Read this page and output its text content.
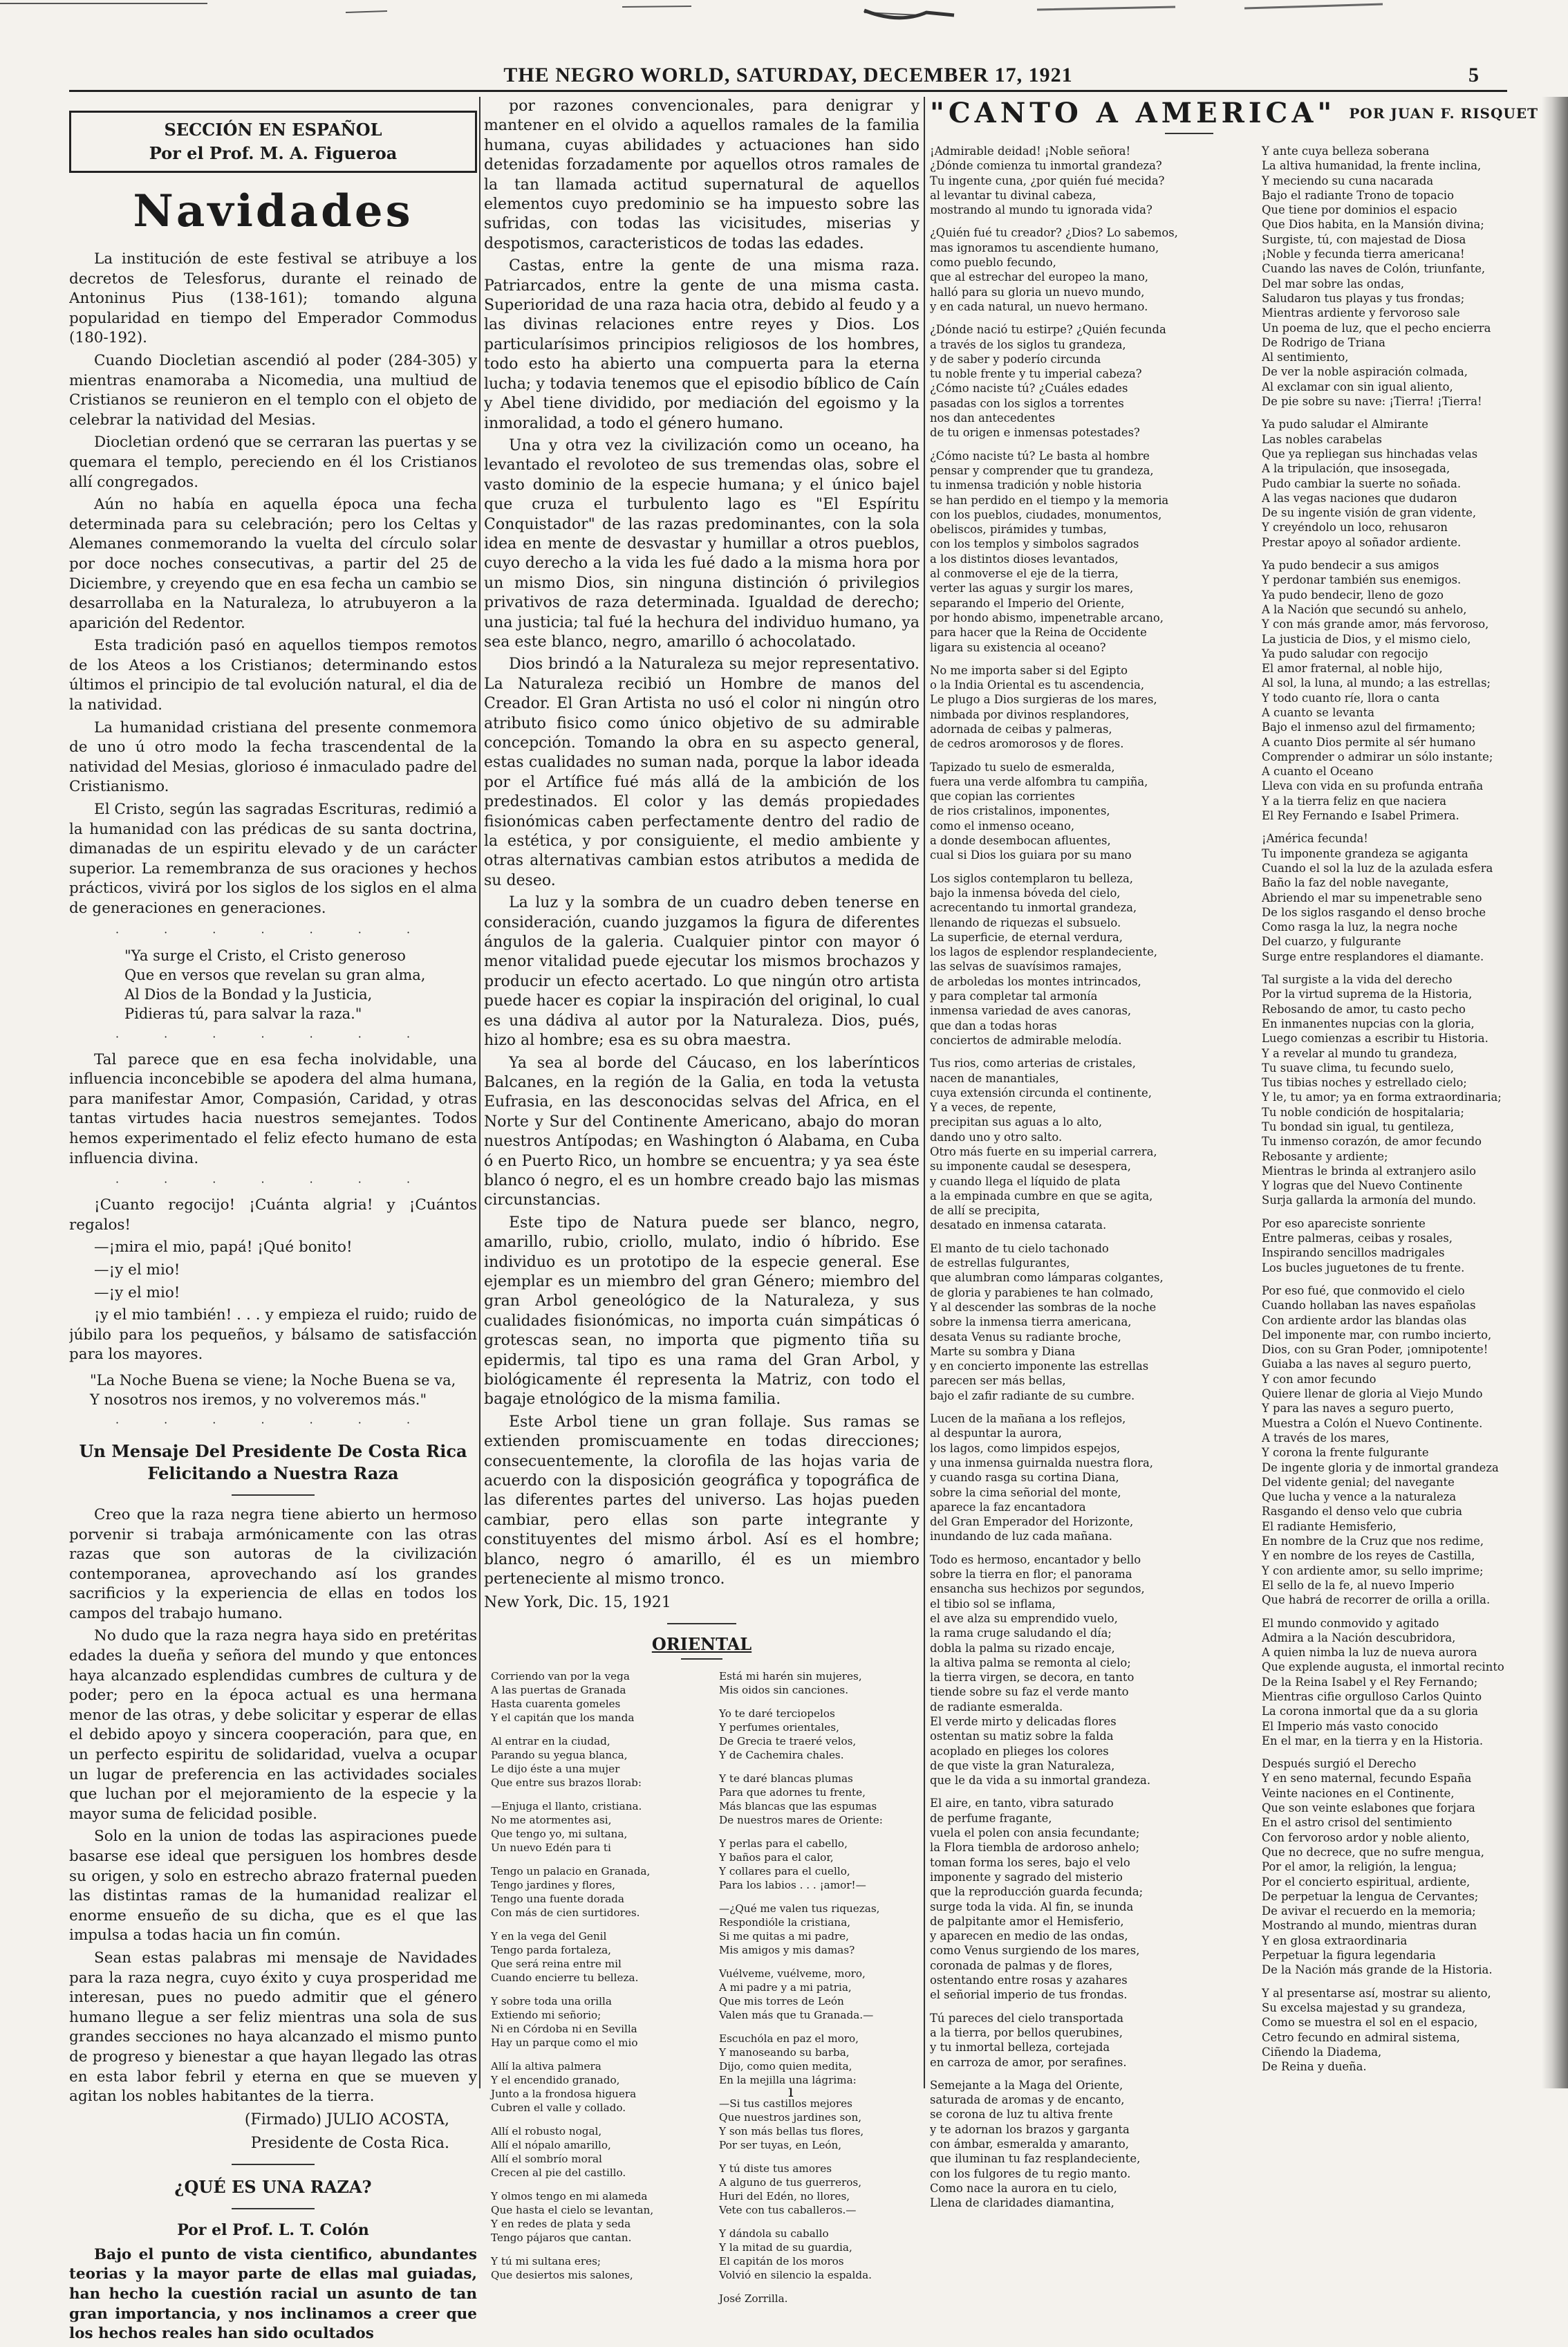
THE NEGRO WORLD, SATURDAY, DECEMBER 17, 1921	5
SECCIÓN EN ESPAÑOL
Por el Prof. M. A. Figueroa
Navidades

La institución de este festival se atribuye a los decretos de Telesforus, durante el reinado de Antoninus Pius (138-161); tomando alguna popularidad en tiempo del Emperador Commodus (180-192).

Cuando Diocletian ascendió al poder (284-305) y mientras enamoraba a Nicomedia, una multiud de Cristianos se reunieron en el templo con el objeto de celebrar la natividad del Mesias.

Diocletian ordenó que se cerraran las puertas y se quemara el templo, pereciendo en él los Cristianos allí congregados.

Aún no había en aquella época una fecha determinada para su celebración; pero los Celtas y Alemanes conmemorando la vuelta del círculo solar por doce noches consecutivas, a partir del 25 de Diciembre, y creyendo que en esa fecha un cambio se desarrollaba en la Naturaleza, lo atrubuyeron a la aparición del Redentor.

Esta tradición pasó en aquellos tiempos remotos de los Ateos a los Cristianos; determinando estos últimos el principio de tal evolución natural, el dia de la natividad.

La humanidad cristiana del presente conmemora de uno ú otro modo la fecha trascendental de la natividad del Mesias, glorioso é inmaculado padre del Cristianismo.

El Cristo, según las sagradas Escrituras, redimió a la humanidad con las prédicas de su santa doctrina, dimanadas de un espiritu elevado y de un carácter superior. La remembranza de sus oraciones y hechos prácticos, vivirá por los siglos de los siglos en el alma de generaciones en generaciones.

· · · · · · ·
"Ya surge el Cristo, el Cristo generoso
Que en versos que revelan su gran alma,
Al Dios de la Bondad y la Justicia,
Pidieras tú, para salvar la raza."
· · · · · · ·

Tal parece que en esa fecha inolvidable, una influencia inconcebible se apodera del alma humana, para manifestar Amor, Compasión, Caridad, y otras tantas virtudes hacia nuestros semejantes. Todos hemos experimentado el feliz efecto humano de esta influencia divina.

· · · · · · ·

¡Cuanto regocijo! ¡Cuánta algria! y ¡Cuántos regalos!

—¡mira el mio, papá! ¡Qué bonito!

—¡y el mio!

—¡y el mio!

¡y el mio también! . . . y empieza el ruido; ruido de júbilo para los pequeños, y bálsamo de satisfacción para los mayores.

"La Noche Buena se viene; la Noche Buena se va,
Y nosotros nos iremos, y no volveremos más."
· · · · · · ·
Un Mensaje Del Presidente De Costa Rica Felicitando a Nuestra Raza

Creo que la raza negra tiene abierto un hermoso porvenir si trabaja armónicamente con las otras razas que son autoras de la civilización contemporanea, aprovechando así los grandes sacrificios y la experiencia de ellas en todos los campos del trabajo humano.

No dudo que la raza negra haya sido en pretéritas edades la dueña y señora del mundo y que entonces haya alcanzado esplendidas cumbres de cultura y de poder; pero en la época actual es una hermana menor de las otras, y debe solicitar y esperar de ellas el debido apoyo y sincera cooperación, para que, en un perfecto espiritu de solidaridad, vuelva a ocupar un lugar de preferencia en las actividades sociales que luchan por el mejoramiento de la especie y la mayor suma de felicidad posible.

Solo en la union de todas las aspiraciones puede basarse ese ideal que persiguen los hombres desde su origen, y solo en estrecho abrazo fraternal pueden las distintas ramas de la humanidad realizar el enorme ensueño de su dicha, que es el que las impulsa a todas hacia un fin común.

Sean estas palabras mi mensaje de Navidades para la raza negra, cuyo éxito y cuya prosperidad me interesan, pues no puedo admitir que el género humano llegue a ser feliz mientras una sola de sus grandes secciones no haya alcanzado el mismo punto de progreso y bienestar a que hayan llegado las otras en esta labor febril y eterna en que se mueven y agitan los nobles habitantes de la tierra.

(Firmado) JULIO ACOSTA,

Presidente de Costa Rica.
¿QUÉ ES UNA RAZA?
Por el Prof. L. T. Colón

Bajo el punto de vista cientifico, abundantes teorias y la mayor parte de ellas mal guiadas, han hecho la cuestión racial un asunto de tan gran importancia, y nos inclinamos a creer que los hechos reales han sido ocultados

por razones convencionales, para denigrar y mantener en el olvido a aquellos ramales de la familia humana, cuyas abilidades y actuaciones han sido detenidas forzadamente por aquellos otros ramales de la tan llamada actitud supernatural de aquellos elementos cuyo predominio se ha impuesto sobre las sufridas, con todas las vicisitudes, miserias y despotismos, caracteristicos de todas las edades.

Castas, entre la gente de una misma raza. Patriarcados, entre la gente de una misma casta. Superioridad de una raza hacia otra, debido al feudo y a las divinas relaciones entre reyes y Dios. Los particularísimos principios religiosos de los hombres, todo esto ha abierto una compuerta para la eterna lucha; y todavia tenemos que el episodio bíblico de Caín y Abel tiene dividido, por mediación del egoismo y la inmoralidad, a todo el género humano.

Una y otra vez la civilización como un oceano, ha levantado el revoloteo de sus tremendas olas, sobre el vasto dominio de la especie humana; y el único bajel que cruza el turbulento lago es "El Espíritu Conquistador" de las razas predominantes, con la sola idea en mente de desvastar y humillar a otros pueblos, cuyo derecho a la vida les fué dado a la misma hora por un mismo Dios, sin ninguna distinción ó privilegios privativos de raza determinada. Igualdad de derecho; una justicia; tal fué la hechura del individuo humano, ya sea este blanco, negro, amarillo ó achocolatado.

Dios brindó a la Naturaleza su mejor representativo. La Naturaleza recibió un Hombre de manos del Creador. El Gran Artista no usó el color ni ningún otro atributo fisico como único objetivo de su admirable concepción. Tomando la obra en su aspecto general, estas cualidades no suman nada, porque la labor ideada por el Artífice fué más allá de la ambición de los predestinados. El color y las demás propiedades fisionómicas caben perfectamente dentro del radio de la estética, y por consiguiente, el medio ambiente y otras alternativas cambian estos atributos a medida de su deseo.

La luz y la sombra de un cuadro deben tenerse en consideración, cuando juzgamos la figura de diferentes ángulos de la galeria. Cualquier pintor con mayor ó menor vitalidad puede ejecutar los mismos brochazos y producir un efecto acertado. Lo que ningún otro artista puede hacer es copiar la inspiración del original, lo cual es una dádiva al autor por la Naturaleza. Dios, pués, hizo al hombre; esa es su obra maestra.

Ya sea al borde del Cáucaso, en los laberínticos Balcanes, en la región de la Galia, en toda la vetusta Eufrasia, en las desconocidas selvas del Africa, en el Norte y Sur del Continente Americano, abajo do moran nuestros Antípodas; en Washington ó Alabama, en Cuba ó en Puerto Rico, un hombre se encuentra; y ya sea éste blanco ó negro, el es un hombre creado bajo las mismas circunstancias.

Este tipo de Natura puede ser blanco, negro, amarillo, rubio, criollo, mulato, indio ó híbrido. Ese individuo es un prototipo de la especie general. Ese ejemplar es un miembro del gran Género; miembro del gran Arbol geneológico de la Naturaleza, y sus cualidades fisionómicas, no importa cuán simpáticas ó grotescas sean, no importa que pigmento tiña su epidermis, tal tipo es una rama del Gran Arbol, y biológicamente él representa la Matriz, con todo el bagaje etnológico de la misma familia.

Este Arbol tiene un gran follaje. Sus ramas se extienden promiscuamente en todas direcciones; consecuentemente, la clorofila de las hojas varia de acuerdo con la disposición geográfica y topográfica de las diferentes partes del universo. Las hojas pueden cambiar, pero ellas son parte integrante y constituyentes del mismo árbol. Así es el hombre; blanco, negro ó amarillo, él es un miembro perteneciente al mismo tronco.

New York, Dic. 15, 1921

ORIENTAL
Corriendo van por la vega
A las puertas de Granada
Hasta cuarenta gomeles
Y el capitán que los manda
Al entrar en la ciudad,
Parando su yegua blanca,
Le dijo éste a una mujer
Que entre sus brazos llorab:
—Enjuga el llanto, cristiana.
No me atormentes asi,
Que tengo yo, mi sultana,
Un nuevo Edén para ti
Tengo un palacio en Granada,
Tengo jardines y flores,
Tengo una fuente dorada
Con más de cien surtidores.
Y en la vega del Genil
Tengo parda fortaleza,
Que será reina entre mil
Cuando encierre tu belleza.
Y sobre toda una orilla
Extiendo mi señorio;
Ni en Córdoba ni en Sevilla
Hay un parque como el mio
Allí la altiva palmera
Y el encendido granado,
Junto a la frondosa higuera
Cubren el valle y collado.
Allí el robusto nogal,
Allí el nópalo amarillo,
Allí el sombrío moral
Crecen al pie del castillo.
Y olmos tengo en mi alameda
Que hasta el cielo se levantan,
Y en redes de plata y seda
Tengo pájaros que cantan.
Y tú mi sultana eres;
Que desiertos mis salones,
Está mi harén sin mujeres,
Mis oidos sin canciones.
Yo te daré terciopelos
Y perfumes orientales,
De Grecia te traeré velos,
Y de Cachemira chales.
Y te daré blancas plumas
Para que adornes tu frente,
Más blancas que las espumas
De nuestros mares de Oriente:
Y perlas para el cabello,
Y baños para el calor,
Y collares para el cuello,
Para los labios . . . ¡amor!—
—¿Qué me valen tus riquezas,
Respondióle la cristiana,
Si me quitas a mi padre,
Mis amigos y mis damas?
Vuélveme, vuélveme, moro,
A mi padre y a mi patria,
Que mis torres de León
Valen más que tu Granada.—
Escuchóla en paz el moro,
Y manoseando su barba,
Dijo, como quien medita,
En la mejilla una lágrima:
—Si tus castillos mejores
Que nuestros jardines son,
Y son más bellas tus flores,
Por ser tuyas, en León,
Y tú diste tus amores
A alguno de tus guerreros,
Huri del Edén, no llores,
Vete con tus caballeros.—
Y dándola su caballo
Y la mitad de su guardia,
El capitán de los moros
Volvió en silencio la espalda.
José Zorrilla.
"CANTO A AMERICA" POR JUAN F. RISQUET
¡Admirable deidad! ¡Noble señora!
¿Dónde comienza tu inmortal grandeza?
Tu ingente cuna, ¿por quién fué mecida?
al levantar tu divinal cabeza,
mostrando al mundo tu ignorada vida?
¿Quién fué tu creador? ¿Dios? Lo sabemos,
mas ignoramos tu ascendiente humano,
como pueblo fecundo,
que al estrechar del europeo la mano,
halló para su gloria un nuevo mundo,
y en cada natural, un nuevo hermano.
¿Dónde nació tu estirpe? ¿Quién fecunda
a través de los siglos tu grandeza,
y de saber y poderío circunda
tu noble frente y tu imperial cabeza?
¿Cómo naciste tú? ¿Cuáles edades
pasadas con los siglos a torrentes
nos dan antecedentes
de tu origen e inmensas potestades?
¿Cómo naciste tú? Le basta al hombre
pensar y comprender que tu grandeza,
tu inmensa tradición y noble historia
se han perdido en el tiempo y la memoria
con los pueblos, ciudades, monumentos,
obeliscos, pirámides y tumbas,
con los templos y simbolos sagrados
a los distintos dioses levantados,
al conmoverse el eje de la tierra,
verter las aguas y surgir los mares,
separando el Imperio del Oriente,
por hondo abismo, impenetrable arcano,
para hacer que la Reina de Occidente
ligara su existencia al oceano?
No me importa saber si del Egipto
o la India Oriental es tu ascendencia,
Le plugo a Dios surgieras de los mares,
nimbada por divinos resplandores,
adornada de ceibas y palmeras,
de cedros aromorosos y de flores.
Tapizado tu suelo de esmeralda,
fuera una verde alfombra tu campiña,
que copian las corrientes
de rios cristalinos, imponentes,
como el inmenso oceano,
a donde desembocan afluentes,
cual si Dios los guiara por su mano
Los siglos contemplaron tu belleza,
bajo la inmensa bóveda del cielo,
acrecentando tu inmortal grandeza,
llenando de riquezas el subsuelo.
La superficie, de eternal verdura,
los lagos de esplendor resplandeciente,
las selvas de suavísimos ramajes,
de arboledas los montes intrincados,
y para completar tal armonía
inmensa variedad de aves canoras,
que dan a todas horas
conciertos de admirable melodía.
Tus rios, como arterias de cristales,
nacen de manantiales,
cuya extensión circunda el continente,
Y a veces, de repente,
precipitan sus aguas a lo alto,
dando uno y otro salto.
Otro más fuerte en su imperial carrera,
su imponente caudal se desespera,
y cuando llega el líquido de plata
a la empinada cumbre en que se agita,
de allí se precipita,
desatado en inmensa catarata.
El manto de tu cielo tachonado
de estrellas fulgurantes,
que alumbran como lámparas colgantes,
de gloria y parabienes te han colmado,
Y al descender las sombras de la noche
sobre la inmensa tierra americana,
desata Venus su radiante broche,
Marte su sombra y Diana
y en concierto imponente las estrellas
parecen ser más bellas,
bajo el zafir radiante de su cumbre.
Lucen de la mañana a los reflejos,
al despuntar la aurora,
los lagos, como limpidos espejos,
y una inmensa guirnalda nuestra flora,
y cuando rasga su cortina Diana,
sobre la cima señorial del monte,
aparece la faz encantadora
del Gran Emperador del Horizonte,
inundando de luz cada mañana.
Todo es hermoso, encantador y bello
sobre la tierra en flor; el panorama
ensancha sus hechizos por segundos,
el tibio sol se inflama,
el ave alza su emprendido vuelo,
la rama cruge saludando el día;
dobla la palma su rizado encaje,
la altiva palma se remonta al cielo;
la tierra virgen, se decora, en tanto
tiende sobre su faz el verde manto
de radiante esmeralda.
El verde mirto y delicadas flores
ostentan su matiz sobre la falda
acoplado en plieges los colores
de que viste la gran Naturaleza,
que le da vida a su inmortal grandeza.
El aire, en tanto, vibra saturado
de perfume fragante,
vuela el polen con ansia fecundante;
la Flora tiembla de ardoroso anhelo;
toman forma los seres, bajo el velo
imponente y sagrado del misterio
que la reproducción guarda fecunda;
surge toda la vida. Al fin, se inunda
de palpitante amor el Hemisferio,
y aparecen en medio de las ondas,
como Venus surgiendo de los mares,
coronada de palmas y de flores,
ostentando entre rosas y azahares
el señorial imperio de tus frondas.
Tú pareces del cielo transportada
a la tierra, por bellos querubines,
y tu inmortal belleza, cortejada
en carroza de amor, por serafines.
Semejante a la Maga del Oriente,
saturada de aromas y de encanto,
se corona de luz tu altiva frente
y te adornan los brazos y garganta
con ámbar, esmeralda y amaranto,
que iluminan tu faz resplandeciente,
con los fulgores de tu regio manto.
Como nace la aurora en tu cielo,
Llena de claridades diamantina,
Y ante cuya belleza soberana
La altiva humanidad, la frente inclina,
Y meciendo su cuna nacarada
Bajo el radiante Trono de topacio
Que tiene por dominios el espacio
Que Dios habita, en la Mansión divina;
Surgiste, tú, con majestad de Diosa
¡Noble y fecunda tierra americana!
Cuando las naves de Colón, triunfante,
Del mar sobre las ondas,
Saludaron tus playas y tus frondas;
Mientras ardiente y fervoroso sale
Un poema de luz, que el pecho encierra
De Rodrigo de Triana
Al sentimiento,
De ver la noble aspiración colmada,
Al exclamar con sin igual aliento,
De pie sobre su nave: ¡Tierra! ¡Tierra!
Ya pudo saludar el Almirante
Las nobles carabelas
Que ya repliegan sus hinchadas velas
A la tripulación, que insosegada,
Pudo cambiar la suerte no soñada.
A las vegas naciones que dudaron
De su ingente visión de gran vidente,
Y creyéndolo un loco, rehusaron
Prestar apoyo al soñador ardiente.
Ya pudo bendecir a sus amigos
Y perdonar también sus enemigos.
Ya pudo bendecir, lleno de gozo
A la Nación que secundó su anhelo,
Y con más grande amor, más fervoroso,
La justicia de Dios, y el mismo cielo,
Ya pudo saludar con regocijo
El amor fraternal, al noble hijo,
Al sol, la luna, al mundo; a las estrellas;
Y todo cuanto ríe, llora o canta
A cuanto se levanta
Bajo el inmenso azul del firmamento;
A cuanto Dios permite al sér humano
Comprender o admirar un sólo instante;
A cuanto el Oceano
Lleva con vida en su profunda entraña
Y a la tierra feliz en que naciera
El Rey Fernando e Isabel Primera.
¡América fecunda!
Tu imponente grandeza se agiganta
Cuando el sol la luz de la azulada esfera
Baño la faz del noble navegante,
Abriendo el mar su impenetrable seno
De los siglos rasgando el denso broche
Como rasga la luz, la negra noche
Del cuarzo, y fulgurante
Surge entre resplandores el diamante.
Tal surgiste a la vida del derecho
Por la virtud suprema de la Historia,
Rebosando de amor, tu casto pecho
En inmanentes nupcias con la gloria,
Luego comienzas a escribir tu Historia.
Y a revelar al mundo tu grandeza,
Tu suave clima, tu fecundo suelo,
Tus tibias noches y estrellado cielo;
Y le, tu amor; ya en forma extraordinaria;
Tu noble condición de hospitalaria;
Tu bondad sin igual, tu gentileza,
Tu inmenso corazón, de amor fecundo
Rebosante y ardiente;
Mientras le brinda al extranjero asilo
Y logras que del Nuevo Continente
Surja gallarda la armonía del mundo.
Por eso apareciste sonriente
Entre palmeras, ceibas y rosales,
Inspirando sencillos madrigales
Los bucles juguetones de tu frente.
Por eso fué, que conmovido el cielo
Cuando hollaban las naves españolas
Con ardiente ardor las blandas olas
Del imponente mar, con rumbo incierto,
Dios, con su Gran Poder, ¡omnipotente!
Guiaba a las naves al seguro puerto,
Y con amor fecundo
Quiere llenar de gloria al Viejo Mundo
Y para las naves a seguro puerto,
Muestra a Colón el Nuevo Continente.
A través de los mares,
Y corona la frente fulgurante
De ingente gloria y de inmortal grandeza
Del vidente genial; del navegante
Que lucha y vence a la naturaleza
Rasgando el denso velo que cubria
El radiante Hemisferio,
En nombre de la Cruz que nos redime,
Y en nombre de los reyes de Castilla,
Y con ardiente amor, su sello imprime;
El sello de la fe, al nuevo Imperio
Que habrá de recorrer de orilla a orilla.
El mundo conmovido y agitado
Admira a la Nación descubridora,
A quien nimba la luz de nueva aurora
Que explende augusta, el inmortal recinto
De la Reina Isabel y el Rey Fernando;
Mientras cifie orgulloso Carlos Quinto
La corona inmortal que da a su gloria
El Imperio más vasto conocido
En el mar, en la tierra y en la Historia.
Después surgió el Derecho
Y en seno maternal, fecundo España
Veinte naciones en el Continente,
Que son veinte eslabones que forjara
En el astro crisol del sentimiento
Con fervoroso ardor y noble aliento,
Que no decrece, que no sufre mengua,
Por el amor, la religión, la lengua;
Por el concierto espiritual, ardiente,
De perpetuar la lengua de Cervantes;
De avivar el recuerdo en la memoria;
Mostrando al mundo, mientras duran
Y en glosa extraordinaria
Perpetuar la figura legendaria
De la Nación más grande de la Historia.
Y al presentarse así, mostrar su aliento,
Su excelsa majestad y su grandeza,
Como se muestra el sol en el espacio,
Cetro fecundo en admiral sistema,
Ciñendo la Diadema,
De Reina y dueña.
ı
